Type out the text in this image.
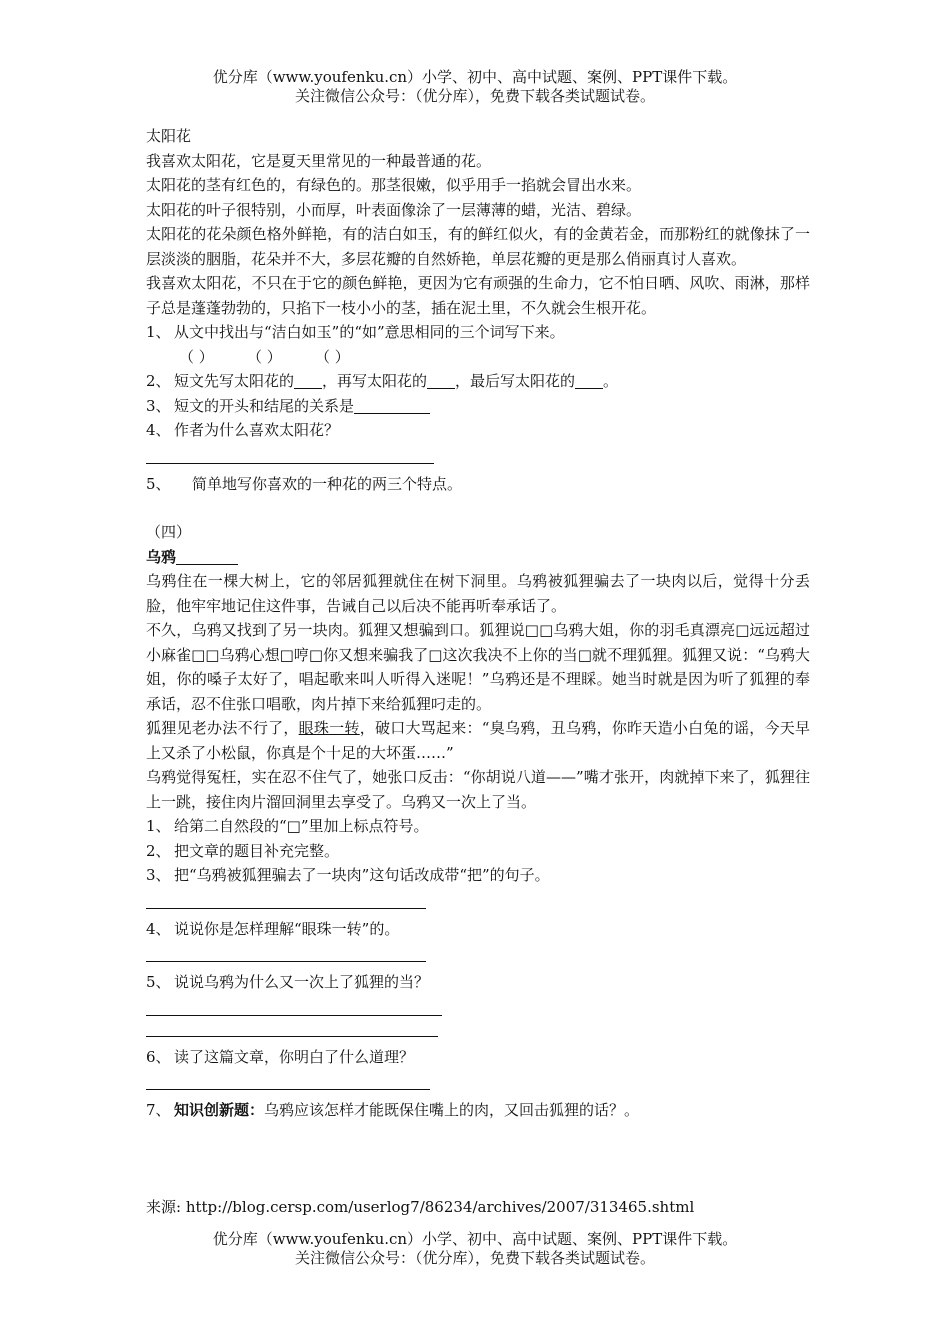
优分库（www.youfenku.cn）小学、初中、高中试题、案例、PPT课件下载。
关注微信公众号：（优分库），免费下载各类试题试卷。
太阳花
我喜欢太阳花，它是夏天里常见的一种最普通的花。
太阳花的茎有红色的，有绿色的。那茎很嫩，似乎用手一掐就会冒出水来。
太阳花的叶子很特别，小而厚，叶表面像涂了一层薄薄的蜡，光洁、碧绿。
太阳花的花朵颜色格外鲜艳，有的洁白如玉，有的鲜红似火，有的金黄若金，而那粉红的就像抹了一层淡淡的胭脂，花朵并不大，多层花瓣的自然娇艳，单层花瓣的更是那么俏丽真讨人喜欢。
我喜欢太阳花，不只在于它的颜色鲜艳，更因为它有顽强的生命力，它不怕日晒、风吹、雨淋，那样子总是蓬蓬勃勃的，只掐下一枝小小的茎，插在泥土里，不久就会生根开花。
1、 从文中找出与“洁白如玉”的“如”意思相同的三个词写下来。
（ ） （ ） （ ）
2、 短文先写太阳花的 ，再写太阳花的 ，最后写太阳花的 。
3、 短文的开头和结尾的关系是
4、 作者为什么喜欢太阳花？
5、 简单地写你喜欢的一种花的两三个特点。
（四）
乌鸦
乌鸦住在一棵大树上，它的邻居狐狸就住在树下洞里。乌鸦被狐狸骗去了一块肉以后，觉得十分丢脸，他牢牢地记住这件事，告诫自己以后决不能再听奉承话了。
不久，乌鸦又找到了另一块肉。狐狸又想骗到口。狐狸说□□乌鸦大姐，你的羽毛真漂亮□远远超过小麻雀□□乌鸦心想□哼□你又想来骗我了□这次我决不上你的当□就不理狐狸。狐狸又说：“乌鸦大姐，你的嗓子太好了，唱起歌来叫人听得入迷呢！”乌鸦还是不理睬。她当时就是因为听了狐狸的奉承话，忍不住张口唱歌，肉片掉下来给狐狸叼走的。
狐狸见老办法不行了，眼珠一转，破口大骂起来：“臭乌鸦，丑乌鸦，你昨天造小白兔的谣，今天早上又杀了小松鼠，你真是个十足的大坏蛋……”
乌鸦觉得冤枉，实在忍不住气了，她张口反击：“你胡说八道——”嘴才张开，肉就掉下来了，狐狸往上一跳，接住肉片溜回洞里去享受了。乌鸦又一次上了当。
1、 给第二自然段的“□”里加上标点符号。
2、 把文章的题目补充完整。
3、 把“乌鸦被狐狸骗去了一块肉”这句话改成带“把”的句子。
4、 说说你是怎样理解“眼珠一转”的。
5、 说说乌鸦为什么又一次上了狐狸的当？
6、 读了这篇文章，你明白了什么道理？
7、 知识创新题：乌鸦应该怎样才能既保住嘴上的肉，又回击狐狸的话？。
来源: http://blog.cersp.com/userlog7/86234/archives/2007/313465.shtml
优分库（www.youfenku.cn）小学、初中、高中试题、案例、PPT课件下载。
关注微信公众号：（优分库），免费下载各类试题试卷。
